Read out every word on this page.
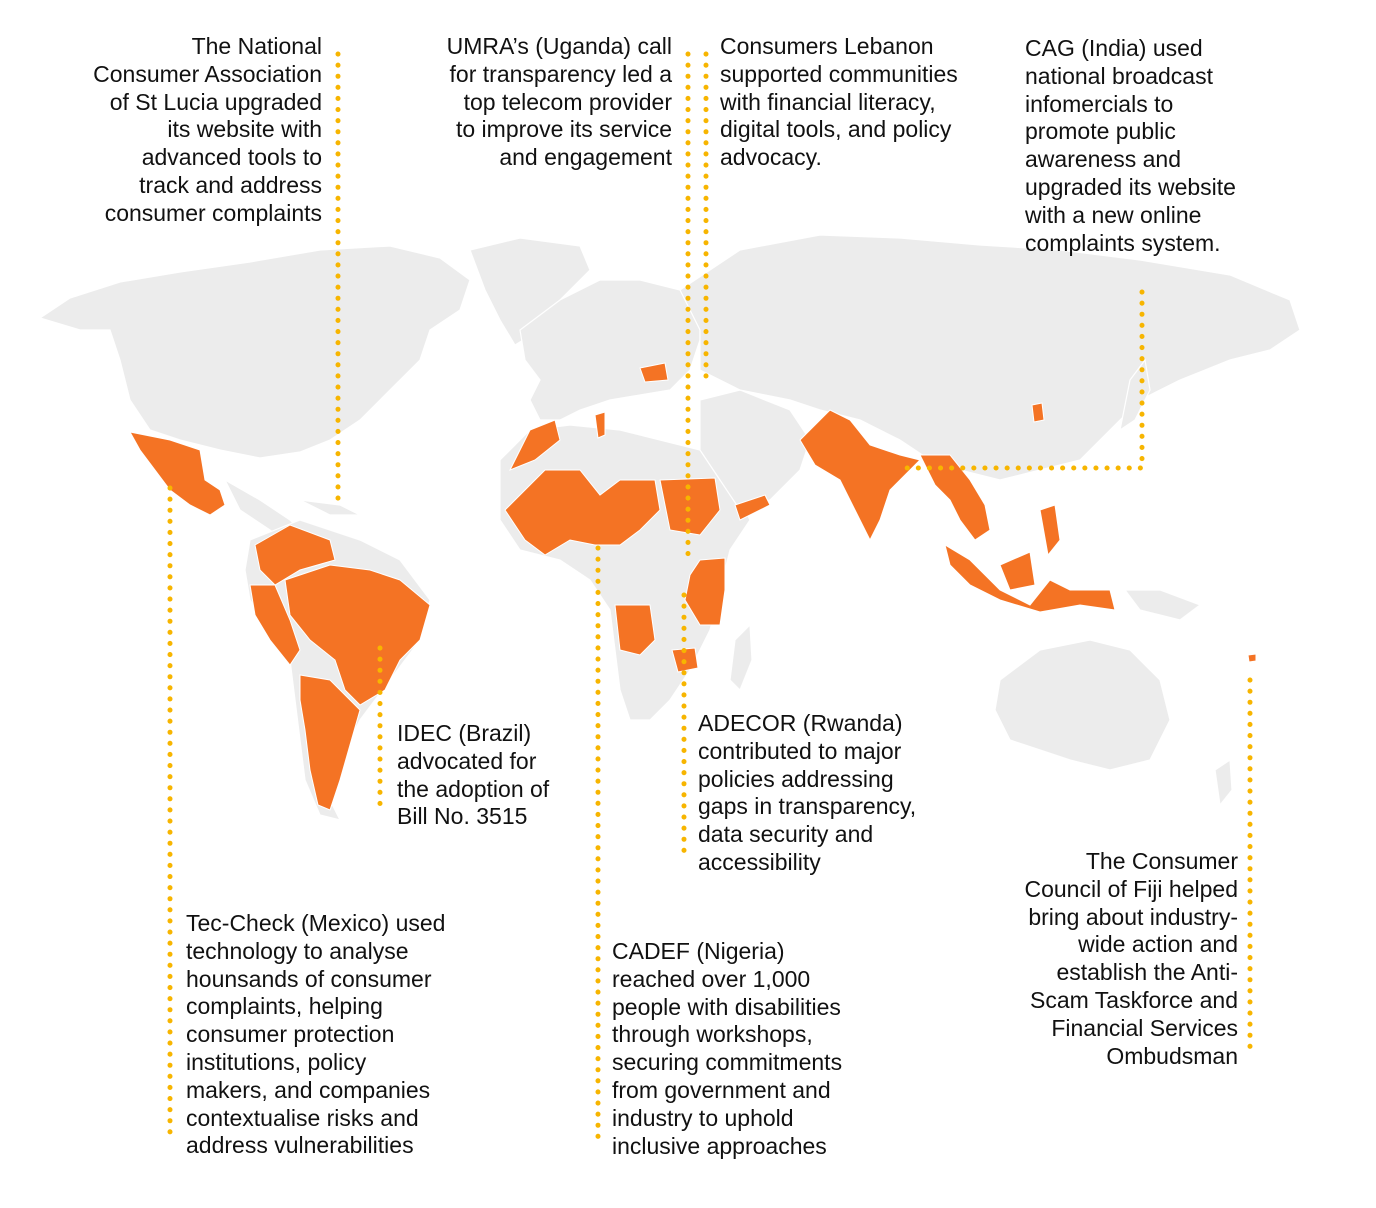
The National
Consumer Association
of St Lucia upgraded
its website with
advanced tools to
track and address
consumer complaints

UMRA’s (Uganda) call
for transparency led a
top telecom provider
to improve its service
and engagement

Consumers Lebanon
supported communities
with financial literacy,
digital tools, and policy
advocacy.

CAG (India) used
national broadcast
infomercials to
promote public
awareness and
upgraded its website
with a new online
complaints system.

IDEC (Brazil)
advocated for
the adoption of
Bill No. 3515

ADECOR (Rwanda)
contributed to major
policies addressing
gaps in transparency,
data security and
accessibility	The Consumer
Council of Fiji helped
bring about industry-
wide action and
establish the Anti-
Scam Taskforce and
Financial Services
Ombudsman

Tec-Check (Mexico) used
technology to analyse
hounsands of consumer
complaints, helping
consumer protection
institutions, policy
makers, and companies
contextualise risks and
address vulnerabilities

CADEF (Nigeria)
reached over 1,000
people with disabilities
through workshops,
securing commitments
from government and
industry to uphold
inclusive approaches
